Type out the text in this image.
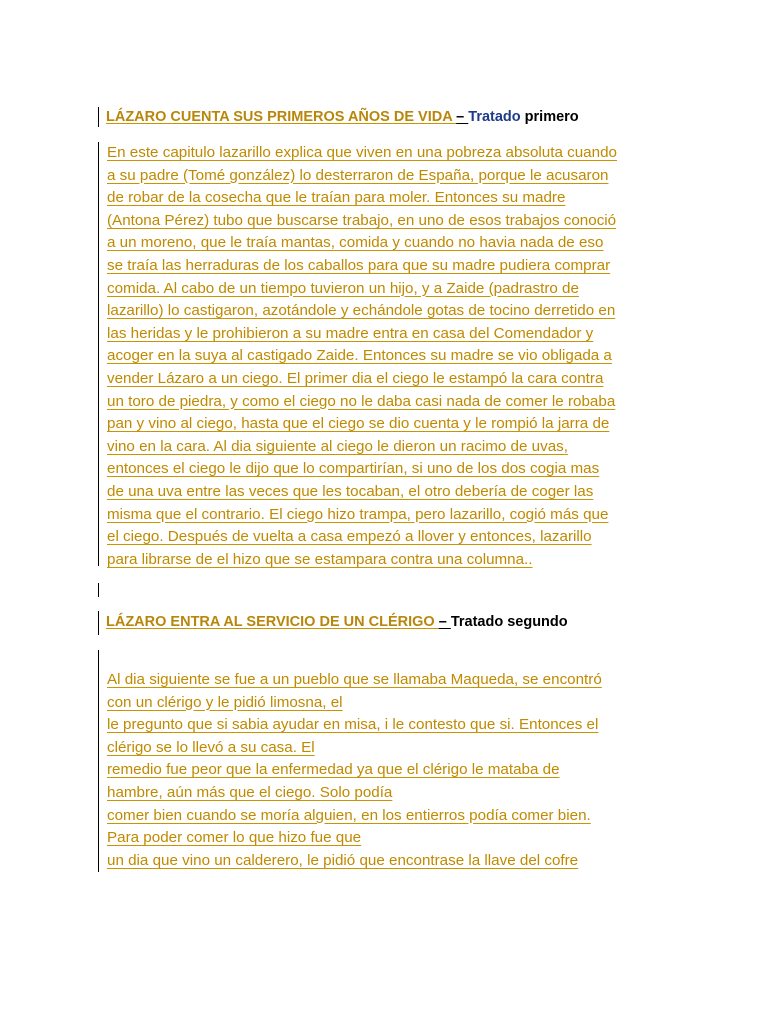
LÁZARO CUENTA SUS PRIMEROS AÑOS DE VIDA – Tratado primero
En este capitulo lazarillo explica que viven en una pobreza absoluta cuando
a su padre (Tomé gonzález) lo desterraron de España, porque le acusaron
de robar de la cosecha que le traían para moler. Entonces su madre
(Antona Pérez) tubo que buscarse trabajo, en uno de esos trabajos conoció
a un moreno, que le traía mantas, comida y cuando no havia nada de eso
se traía las herraduras de los caballos para que su madre pudiera comprar
comida. Al cabo de un tiempo tuvieron un hijo, y a Zaide (padrastro de
lazarillo) lo castigaron, azotándole y echándole gotas de tocino derretido en
las heridas y le prohibieron a su madre entra en casa del Comendador y
acoger en la suya al castigado Zaide. Entonces su madre se vio obligada a
vender Lázaro a un ciego. El primer dia el ciego le estampó la cara contra
un toro de piedra, y como el ciego no le daba casi nada de comer le robaba
pan y vino al ciego, hasta que el ciego se dio cuenta y le rompió la jarra de
vino en la cara. Al dia siguiente al ciego le dieron un racimo de uvas,
entonces el ciego le dijo que lo compartirían, si uno de los dos cogia mas
de una uva entre las veces que les tocaban, el otro debería de coger las
misma que el contrario. El ciego hizo trampa, pero lazarillo, cogió más que
el ciego. Después de vuelta a casa empezó a llover y entonces, lazarillo
para librarse de el hizo que se estampara contra una columna..
LÁZARO ENTRA AL SERVICIO DE UN CLÉRIGO – Tratado segundo
Al dia siguiente se fue a un pueblo que se llamaba Maqueda, se encontró
con un clérigo y le pidió limosna, el
le pregunto que si sabia ayudar en misa, i le contesto que si. Entonces el
clérigo se lo llevó a su casa. El
remedio fue peor que la enfermedad ya que el clérigo le mataba de
hambre, aún más que el ciego. Solo podía
comer bien cuando se moría alguien, en los entierros podía comer bien.
Para poder comer lo que hizo fue que
un dia que vino un calderero, le pidió que encontrase la llave del cofre
